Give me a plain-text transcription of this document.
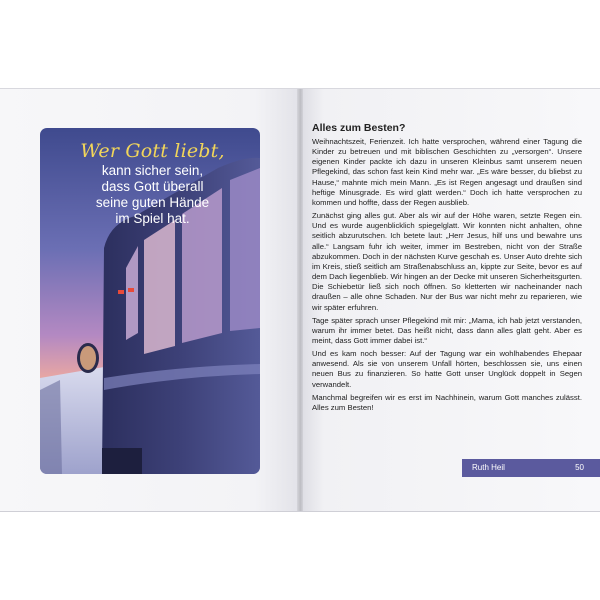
Wer Gott liebt,
kann sicher sein,
dass Gott überall
seine guten Hände
im Spiel hat.
Alles zum Besten?

Weihnachtszeit, Ferienzeit. Ich hatte versprochen, während einer Tagung die Kinder zu betreuen und mit biblischen Geschichten zu „versorgen“. Unsere eigenen Kinder packte ich dazu in unseren Kleinbus samt unserem neuen Pflegekind, das schon fast kein Kind mehr war. „Es wäre besser, du bliebst zu Hause,“ mahnte mich mein Mann. „Es ist Regen angesagt und draußen sind heftige Minusgrade. Es wird glatt werden.“ Doch ich hatte versprochen zu kommen und hoffte, dass der Regen ausblieb.

Zunächst ging alles gut. Aber als wir auf der Höhe waren, setzte Regen ein. Und es wurde augenblicklich spiegelglatt. Wir konnten nicht anhalten, ohne seitlich abzurutschen. Ich betete laut: „Herr Jesus, hilf uns und bewahre uns alle.“ Langsam fuhr ich weiter, immer im Bestreben, nicht von der Straße abzukommen. Doch in der nächsten Kurve geschah es. Unser Auto drehte sich im Kreis, stieß seitlich am Straßenabschluss an, kippte zur Seite, bevor es auf dem Dach liegenblieb. Wir hingen an der Decke mit unseren Sicherheitsgurten. Die Schiebetür ließ sich noch öffnen. So kletterten wir nacheinander nach draußen – alle ohne Schaden. Nur der Bus war nicht mehr zu reparieren, wie wir später erfuhren.

Tage später sprach unser Pflegekind mit mir: „Mama, ich hab jetzt verstanden, warum ihr immer betet. Das heißt nicht, dass dann alles glatt geht. Aber es meint, dass Gott immer dabei ist.“

Und es kam noch besser: Auf der Tagung war ein wohlhabendes Ehepaar anwesend. Als sie von unserem Unfall hörten, beschlossen sie, uns einen neuen Bus zu finanzieren. So hatte Gott unser Unglück doppelt in Segen verwandelt.

Manchmal begreifen wir es erst im Nachhinein, warum Gott manches zulässt. Alles zum Besten!

Ruth Heil	50
